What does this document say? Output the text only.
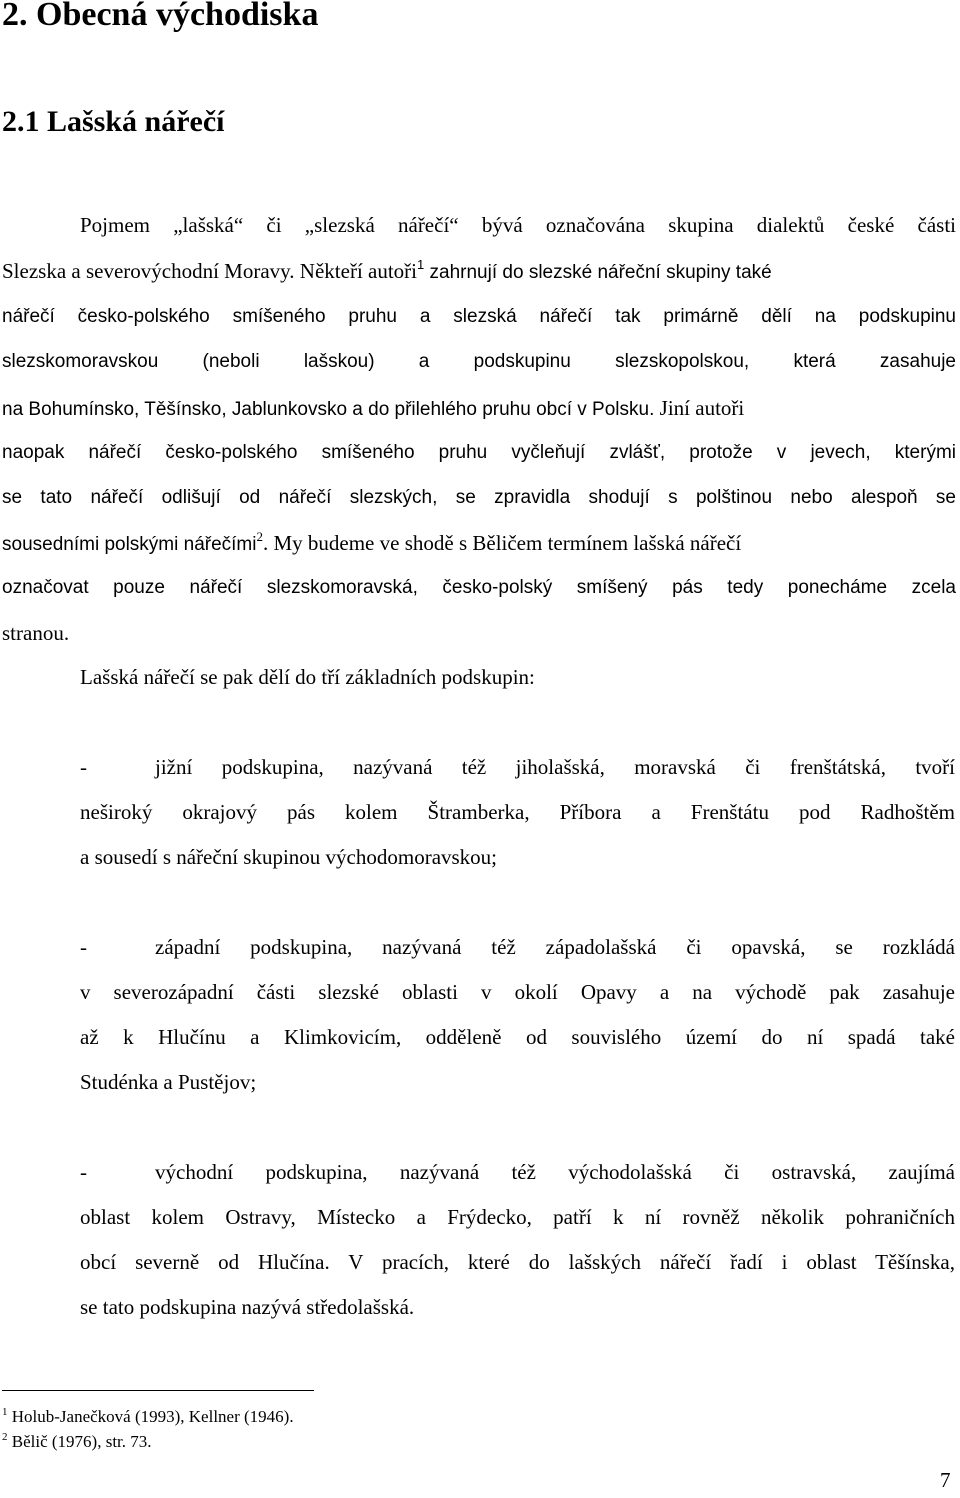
2. Obecná východiska
2.1 Lašská nářečí

Pojmem „lašská“ či „slezská nářečí“ bývá označována skupina dialektů české části

Slezska a severovýchodní Moravy. Někteří autoři$^1$ zahrnují do slezské nářeční skupiny také

nářečí česko-polského smíšeného pruhu a slezská nářečí tak primárně dělí na podskupinu

slezskomoravskou (neboli lašskou) a podskupinu slezskopolskou, která zasahuje

na Bohumínsko, Těšínsko, Jablunkovsko a do přilehlého pruhu obcí v Polsku. Jiní autoři

naopak nářečí česko-polského smíšeného pruhu vyčleňují zvlášť, protože v jevech, kterými

se tato nářečí odlišují od nářečí slezských, se zpravidla shodují s polštinou nebo alespoň se

sousedními polskými nářečími$^2$. My budeme ve shodě s Běličem termínem lašská nářečí

označovat pouze nářečí slezskomoravská, česko-polský smíšený pás tedy ponecháme zcela

stranou.

Lašská nářečí se pak dělí do tří základních podskupin:

-	jižní podskupina, nazývaná též jiholašská, moravská či frenštátská, tvoří

neširoký okrajový pás kolem Štramberka, Příbora a Frenštátu pod Radhoštěm

a sousedí s nářeční skupinou východomoravskou;

-	západní podskupina, nazývaná též západolašská či opavská, se rozkládá

v severozápadní části slezské oblasti v okolí Opavy a na východě pak zasahuje

až k Hlučínu a Klimkovicím, odděleně od souvislého území do ní spadá také

Studénka a Pustějov;

-	východní podskupina, nazývaná též východolašská či ostravská, zaujímá

oblast kolem Ostravy, Místecko a Frýdecko, patří k ní rovněž několik pohraničních

obcí severně od Hlučína. V pracích, které do lašských nářečí řadí i oblast Těšínska,

se tato podskupina nazývá středolašská.

$^1$ Holub-Janečková (1993), Kellner (1946).

$^2$ Bělič (1976), str. 73.

7
